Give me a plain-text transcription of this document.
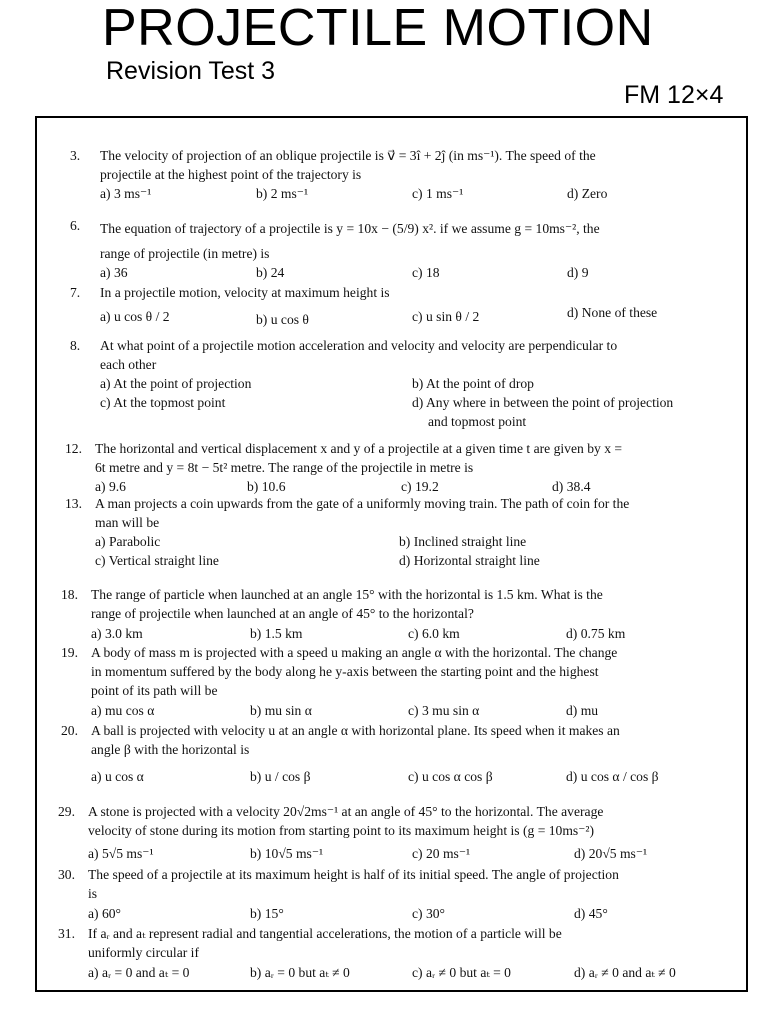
PROJECTILE MOTION
Revision Test 3
FM 12×4
3. The velocity of projection of an oblique projectile is v⃗ = 3î + 2ĵ (in ms⁻¹). The speed of the
projectile at the highest point of the trajectory is
a) 3 ms⁻¹	b) 2 ms⁻¹	c) 1 ms⁻¹	d) Zero
6. The equation of trajectory of a projectile is y = 10x − (5/9) x². if we assume g = 10ms⁻², the
range of projectile (in metre) is
a) 36	b) 24	c) 18	d) 9
7. In a projectile motion, velocity at maximum height is
a) u cos θ / 2	b) u cos θ	c) u sin θ / 2	d) None of these
8. At what point of a projectile motion acceleration and velocity and velocity are perpendicular to
each other
a) At the point of projection	b) At the point of drop
c) At the topmost point	d) Any where in between the point of projection
and topmost point
12. The horizontal and vertical displacement x and y of a projectile at a given time t are given by x =
6t metre and y = 8t − 5t² metre. The range of the projectile in metre is
a) 9.6	b) 10.6	c) 19.2	d) 38.4
13. A man projects a coin upwards from the gate of a uniformly moving train. The path of coin for the
man will be
a) Parabolic	b) Inclined straight line
c) Vertical straight line	d) Horizontal straight line
18. The range of particle when launched at an angle 15° with the horizontal is 1.5 km. What is the
range of projectile when launched at an angle of 45° to the horizontal?
a) 3.0 km	b) 1.5 km	c) 6.0 km	d) 0.75 km
19. A body of mass m is projected with a speed u making an angle α with the horizontal. The change
in momentum suffered by the body along he y-axis between the starting point and the highest
point of its path will be
a) mu cos α	b) mu sin α	c) 3 mu sin α	d) mu
20. A ball is projected with velocity u at an angle α with horizontal plane. Its speed when it makes an
angle β with the horizontal is
a) u cos α	b) u / cos β	c) u cos α cos β	d) u cos α / cos β
29. A stone is projected with a velocity 20√2ms⁻¹ at an angle of 45° to the horizontal. The average
velocity of stone during its motion from starting point to its maximum height is (g = 10ms⁻²)
a) 5√5 ms⁻¹	b) 10√5 ms⁻¹	c) 20 ms⁻¹	d) 20√5 ms⁻¹
30. The speed of a projectile at its maximum height is half of its initial speed. The angle of projection
is
a) 60°	b) 15°	c) 30°	d) 45°
31. If aᵣ and aₜ represent radial and tangential accelerations, the motion of a particle will be
uniformly circular if
a) aᵣ = 0 and aₜ = 0	b) aᵣ = 0 but aₜ ≠ 0	c) aᵣ ≠ 0 but aₜ = 0	d) aᵣ ≠ 0 and aₜ ≠ 0
